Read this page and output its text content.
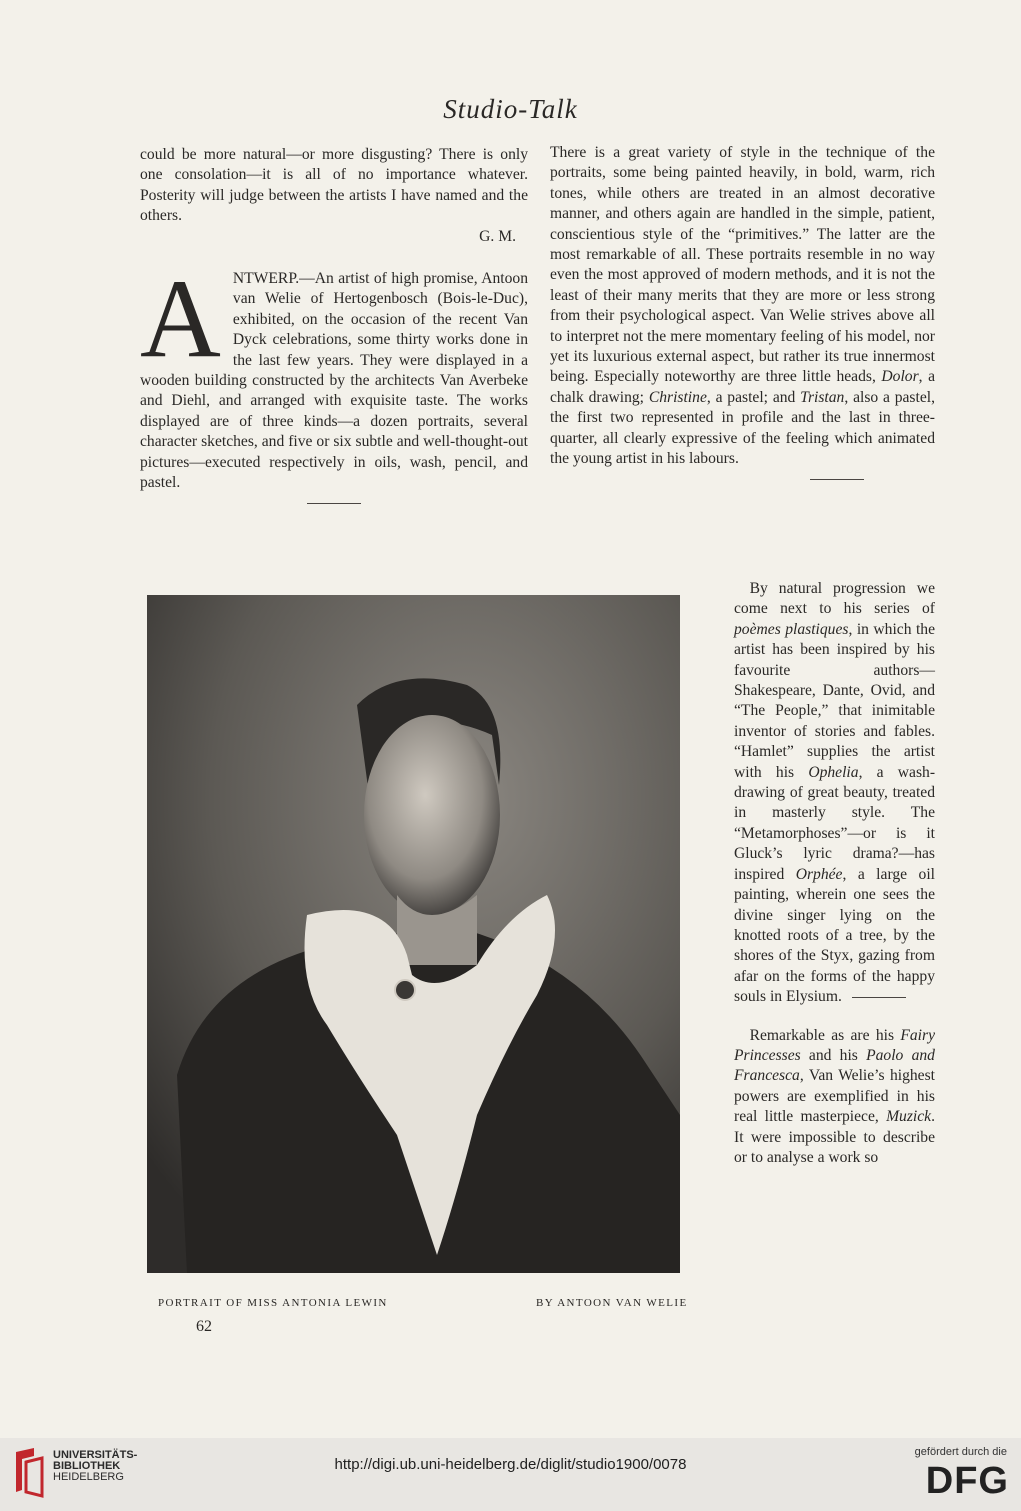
Studio-Talk

could be more natural—or more disgusting? There is only one consolation—it is all of no importance whatever. Posterity will judge between the artists I have named and the others.

G. M.

ANTWERP.—An artist of high promise, Antoon van Welie of Hertogenbosch (Bois-le-Duc), exhibited, on the occasion of the recent Van Dyck celebrations, some thirty works done in the last few years. They were displayed in a wooden building constructed by the architects Van Averbeke and Diehl, and arranged with exquisite taste. The works displayed are of three kinds—a dozen portraits, several character sketches, and five or six subtle and well-thought-out pictures—executed respectively in oils, wash, pencil, and pastel.

There is a great variety of style in the technique of the portraits, some being painted heavily, in bold, warm, rich tones, while others are treated in an almost decorative manner, and others again are handled in the simple, patient, conscientious style of the “primitives.” The latter are the most remarkable of all. These portraits resemble in no way even the most approved of modern methods, and it is not the least of their many merits that they are more or less strong from their psychological aspect. Van Welie strives above all to interpret not the mere momentary feeling of his model, nor yet its luxurious external aspect, but rather its true innermost being. Especially noteworthy are three little heads, Dolor, a chalk drawing; Christine, a pastel; and Tristan, also a pastel, the first two represented in profile and the last in three-quarter, all clearly expressive of the feeling which animated the young artist in his labours.

 By natural progression we come next to his series of poèmes plastiques, in which the artist has been inspired by his favourite authors—Shakespeare, Dante, Ovid, and “The People,” that inimitable inventor of stories and fables. “Hamlet” supplies the artist with his Ophelia, a wash-drawing of great beauty, treated in masterly style. The “Metamorphoses”—or is it Gluck’s lyric drama?—has inspired Orphée, a large oil painting, wherein one sees the divine singer lying on the knotted roots of a tree, by the shores of the Styx, gazing from afar on the forms of the happy souls in Elysium.

 Remarkable as are his Fairy Princesses and his Paolo and Francesca, Van Welie’s highest powers are exemplified in his real little masterpiece, Muzick. It were impossible to describe or to analyse a work so

PORTRAIT OF MISS ANTONIA LEWIN	BY ANTOON VAN WELIE
62
UNIVERSITÄTS-
BIBLIOTHEK
HEIDELBERG
http://digi.ub.uni-heidelberg.de/diglit/studio1900/0078
gefördert durch die
DFG
